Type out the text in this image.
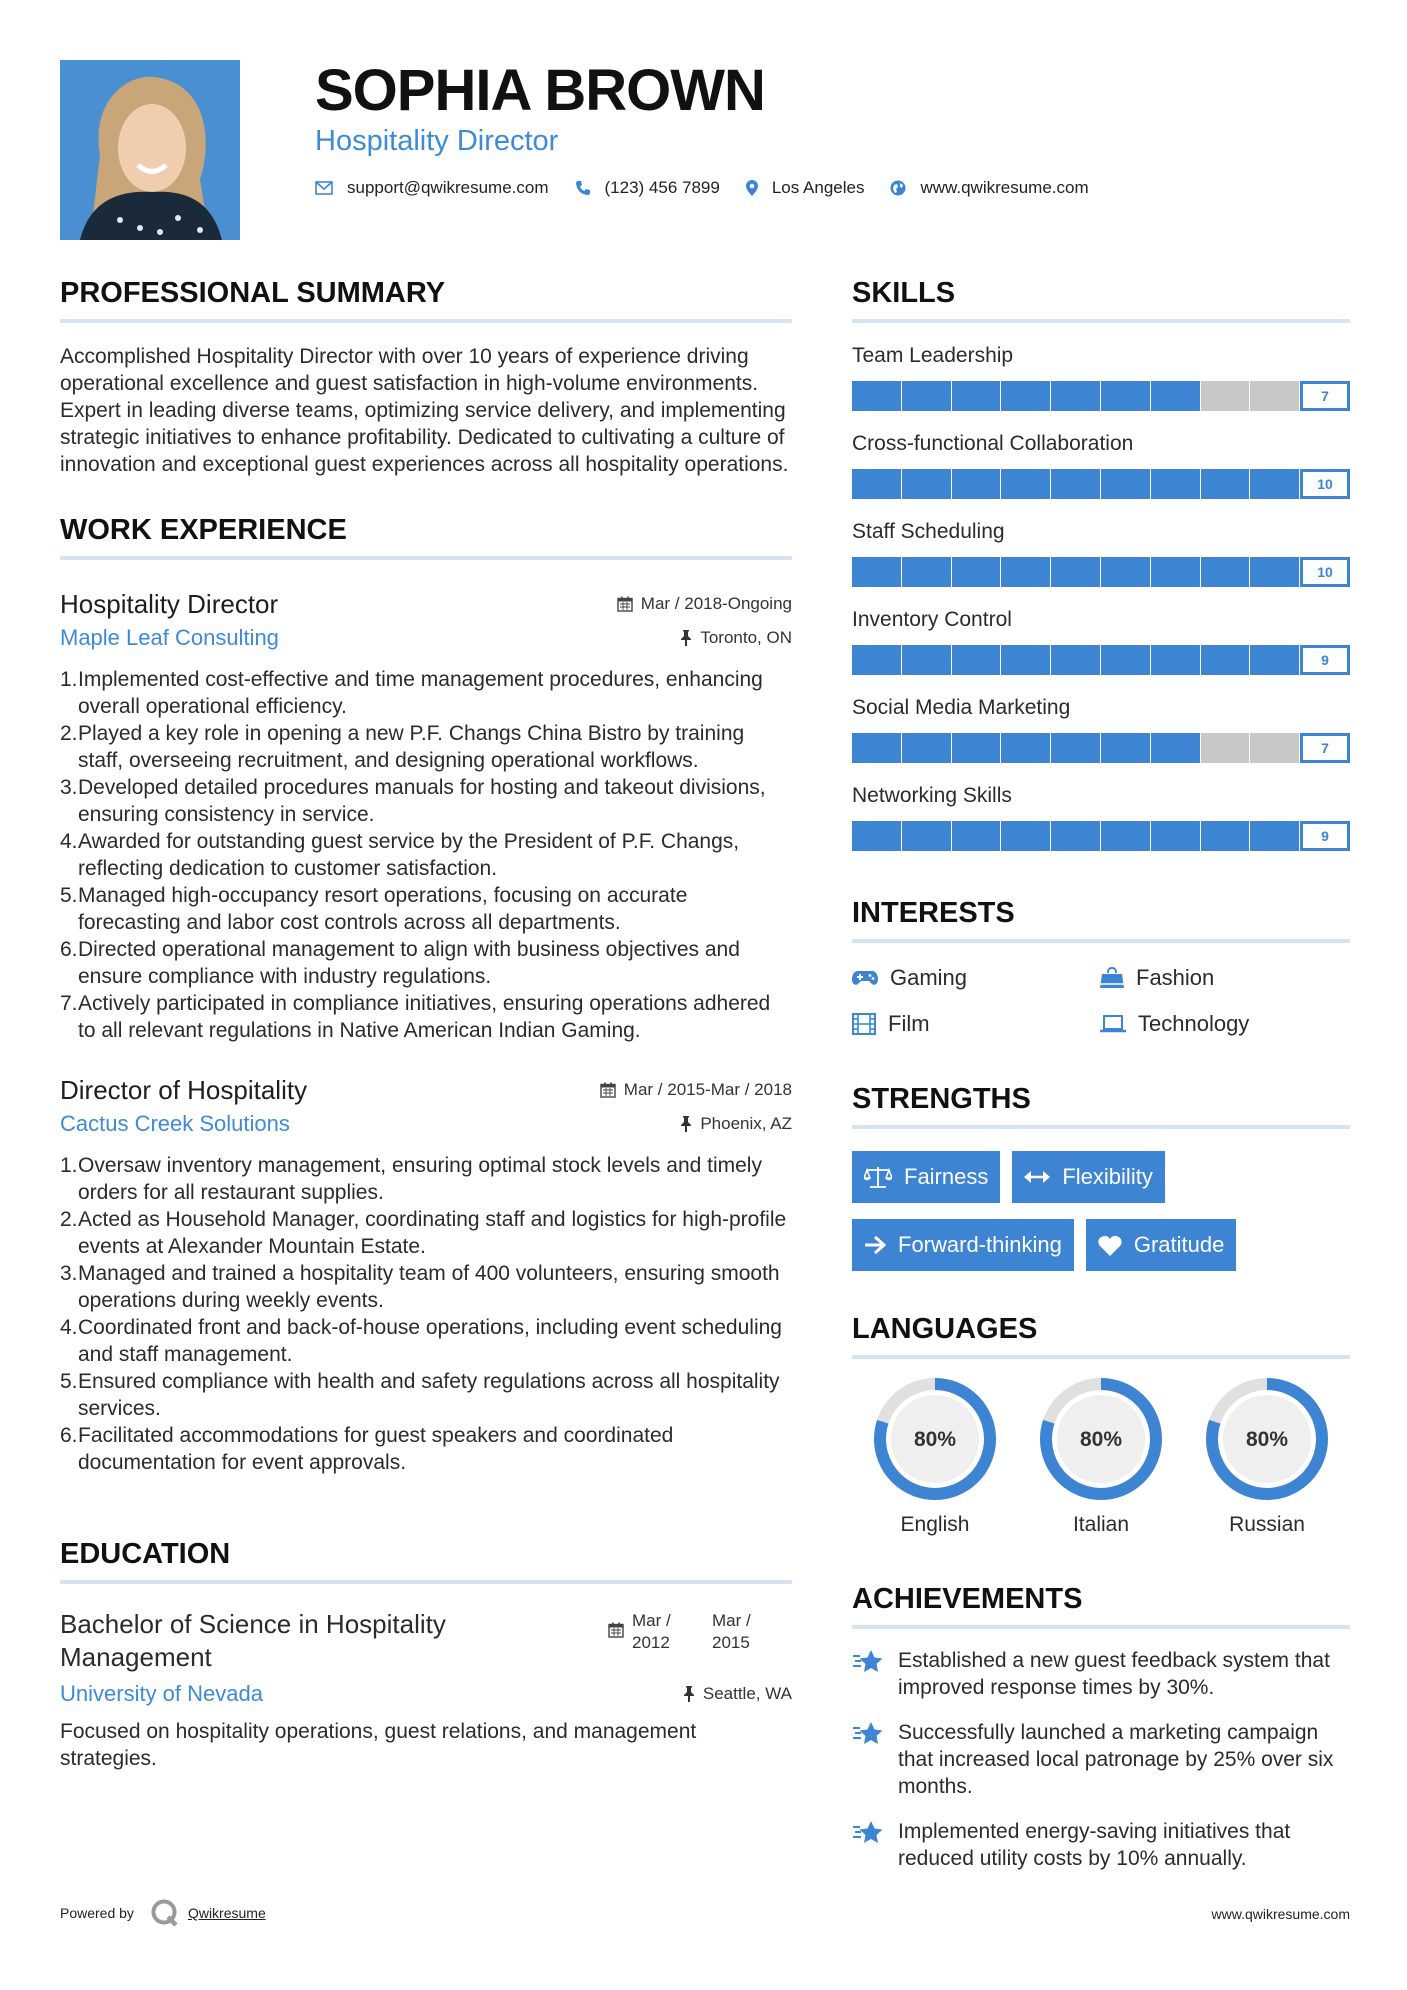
SOPHIA BROWN
Hospitality Director
support@qwikresume.com	(123) 456 7899	Los Angeles	www.qwikresume.com
PROFESSIONAL SUMMARY

Accomplished Hospitality Director with over 10 years of experience driving operational excellence and guest satisfaction in high-volume environments. Expert in leading diverse teams, optimizing service delivery, and implementing strategic initiatives to enhance profitability. Dedicated to cultivating a culture of innovation and exceptional guest experiences across all hospitality operations.

WORK EXPERIENCE
Hospitality Director	Mar / 2018-Ongoing
Maple Leaf Consulting	Toronto, ON
1. Implemented cost-effective and time management procedures, enhancing overall operational efficiency.
2. Played a key role in opening a new P.F. Changs China Bistro by training staff, overseeing recruitment, and designing operational workflows.
3. Developed detailed procedures manuals for hosting and takeout divisions, ensuring consistency in service.
4. Awarded for outstanding guest service by the President of P.F. Changs, reflecting dedication to customer satisfaction.
5. Managed high-occupancy resort operations, focusing on accurate forecasting and labor cost controls across all departments.
6. Directed operational management to align with business objectives and ensure compliance with industry regulations.
7. Actively participated in compliance initiatives, ensuring operations adhered to all relevant regulations in Native American Indian Gaming.
Director of Hospitality	Mar / 2015-Mar / 2018
Cactus Creek Solutions	Phoenix, AZ
1. Oversaw inventory management, ensuring optimal stock levels and timely orders for all restaurant supplies.
2. Acted as Household Manager, coordinating staff and logistics for high-profile events at Alexander Mountain Estate.
3. Managed and trained a hospitality team of 400 volunteers, ensuring smooth operations during weekly events.
4. Coordinated front and back-of-house operations, including event scheduling and staff management.
5. Ensured compliance with health and safety regulations across all hospitality services.
6. Facilitated accommodations for guest speakers and coordinated documentation for event approvals.
EDUCATION
Bachelor of Science in Hospitality Management
Mar / 2012
Mar / 2015
University of Nevada	Seattle, WA

Focused on hospitality operations, guest relations, and management strategies.

SKILLS
Team Leadership
7
Cross-functional Collaboration
10
Staff Scheduling
10
Inventory Control
9
Social Media Marketing
7
Networking Skills
9
INTERESTS
Gaming	Fashion
Film	Technology
STRENGTHS
Fairness	Flexibility
Forward-thinking	Gratitude
LANGUAGES
80%
English
80%
Italian
80%
Russian
ACHIEVEMENTS
Established a new guest feedback system that improved response times by 30%.
Successfully launched a marketing campaign that increased local patronage by 25% over six months.
Implemented energy-saving initiatives that reduced utility costs by 10% annually.
Powered by	Qwikresume	www.qwikresume.com
